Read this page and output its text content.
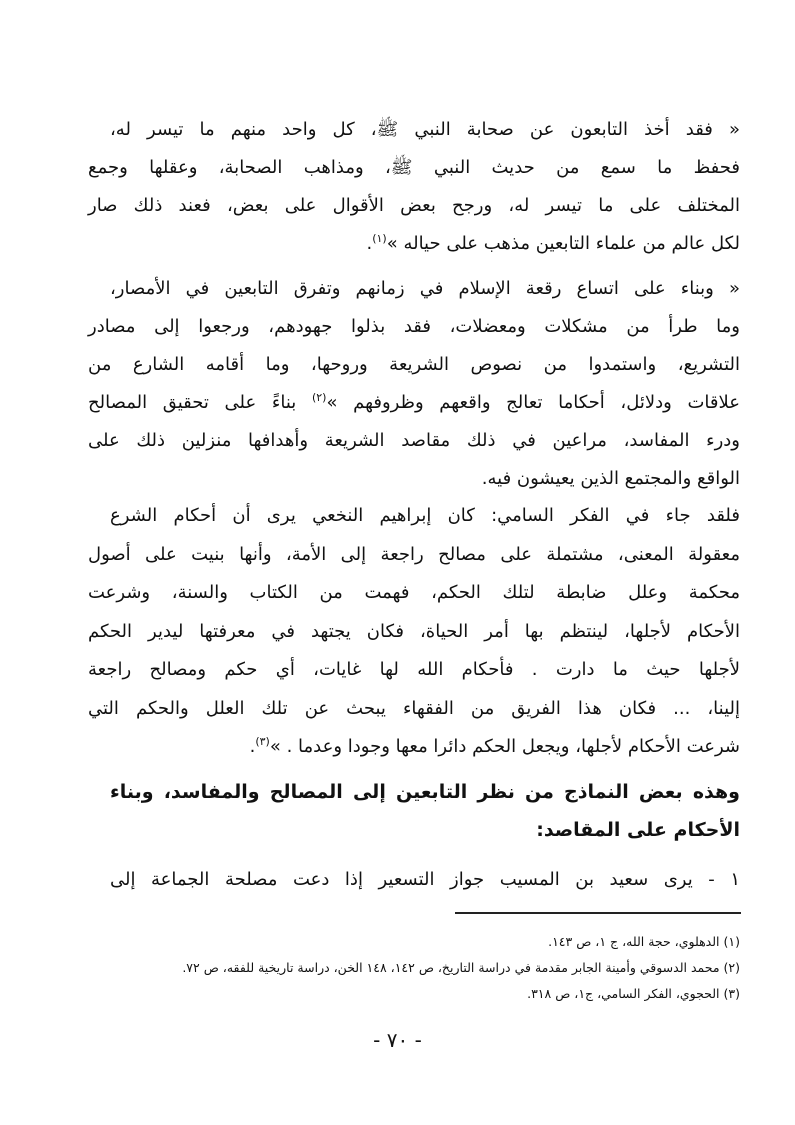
« فقد أخذ التابعون عن صحابة النبي ﷺ، كل واحد منهم ما تيسر له،
فحفظ ما سمع من حديث النبي ﷺ، ومذاهب الصحابة، وعقلها وجمع
المختلف على ما تيسر له، ورجح بعض الأقوال على بعض، فعند ذلك صار
لكل عالم من علماء التابعين مذهب على حياله »$^{(١)}$.
« وبناء على اتساع رقعة الإسلام في زمانهم وتفرق التابعين في الأمصار،
وما طرأ من مشكلات ومعضلات، فقد بذلوا جهودهم، ورجعوا إلى مصادر
التشريع، واستمدوا من نصوص الشريعة وروحها، وما أقامه الشارع من
علاقات ودلائل، أحكاما تعالج واقعهم وظروفهم »$^{(٢)}$ بناءً على تحقيق المصالح
ودرء المفاسد، مراعين في ذلك مقاصد الشريعة وأهدافها منزلين ذلك على
الواقع والمجتمع الذين يعيشون فيه.
فلقد جاء في الفكر السامي: كان إبراهيم النخعي يرى أن أحكام الشرع
معقولة المعنى، مشتملة على مصالح راجعة إلى الأمة، وأنها بنيت على أصول
محكمة وعلل ضابطة لتلك الحكم، فهمت من الكتاب والسنة، وشرعت
الأحكام لأجلها، لينتظم بها أمر الحياة، فكان يجتهد في معرفتها ليدير الحكم
لأجلها حيث ما دارت . فأحكام الله لها غايات، أي حكم ومصالح راجعة
إلينا، ... فكان هذا الفريق من الفقهاء يبحث عن تلك العلل والحكم التي
شرعت الأحكام لأجلها، ويجعل الحكم دائرا معها وجودا وعدما . »$^{(٣)}$.
وهذه بعض النماذج من نظر التابعين إلى المصالح والمفاسد، وبناء
الأحكام على المقاصد:
١ - يرى سعيد بن المسيب جواز التسعير إذا دعت مصلحة الجماعة إلى
(١) الدهلوي، حجة الله، ج ١، ص ١٤٣.
(٢) محمد الدسوقي وأمينة الجابر مقدمة في دراسة التاريخ، ص ١٤٢، ١٤٨ الخن، دراسة تاريخية للفقه، ص ٧٢.
(٣) الحجوي، الفكر السامي، ج١، ص ٣١٨.
- ٧٠ -
